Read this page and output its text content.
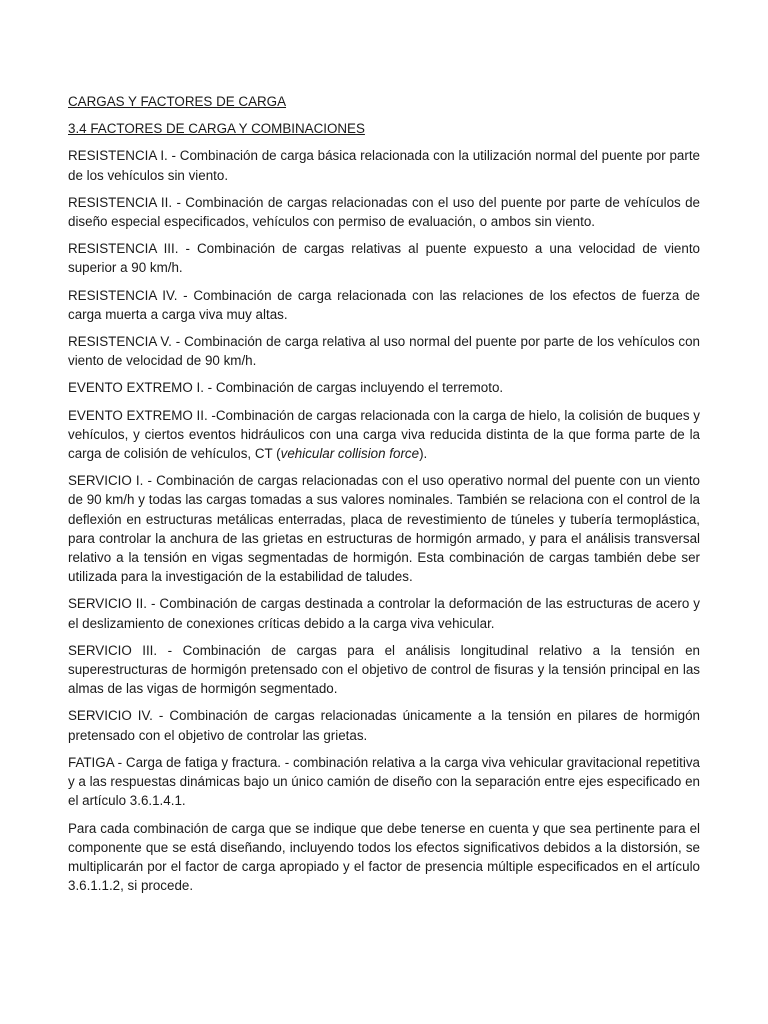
CARGAS Y FACTORES DE CARGA
3.4 FACTORES DE CARGA Y COMBINACIONES

RESISTENCIA I. - Combinación de carga básica relacionada con la utilización normal del puente por parte de los vehículos sin viento.

RESISTENCIA II. - Combinación de cargas relacionadas con el uso del puente por parte de vehículos de diseño especial especificados, vehículos con permiso de evaluación, o ambos sin viento.

RESISTENCIA III. - Combinación de cargas relativas al puente expuesto a una velocidad de viento superior a 90 km/h.

RESISTENCIA IV. - Combinación de carga relacionada con las relaciones de los efectos de fuerza de carga muerta a carga viva muy altas.

RESISTENCIA V. - Combinación de carga relativa al uso normal del puente por parte de los vehículos con viento de velocidad de 90 km/h.

EVENTO EXTREMO I. - Combinación de cargas incluyendo el terremoto.

EVENTO EXTREMO II. -Combinación de cargas relacionada con la carga de hielo, la colisión de buques y vehículos, y ciertos eventos hidráulicos con una carga viva reducida distinta de la que forma parte de la carga de colisión de vehículos, CT (vehicular collision force).

SERVICIO I. - Combinación de cargas relacionadas con el uso operativo normal del puente con un viento de 90 km/h y todas las cargas tomadas a sus valores nominales. También se relaciona con el control de la deflexión en estructuras metálicas enterradas, placa de revestimiento de túneles y tubería termoplástica, para controlar la anchura de las grietas en estructuras de hormigón armado, y para el análisis transversal relativo a la tensión en vigas segmentadas de hormigón. Esta combinación de cargas también debe ser utilizada para la investigación de la estabilidad de taludes.

SERVICIO II. - Combinación de cargas destinada a controlar la deformación de las estructuras de acero y el deslizamiento de conexiones críticas debido a la carga viva vehicular.

SERVICIO III. - Combinación de cargas para el análisis longitudinal relativo a la tensión en superestructuras de hormigón pretensado con el objetivo de control de fisuras y la tensión principal en las almas de las vigas de hormigón segmentado.

SERVICIO IV. - Combinación de cargas relacionadas únicamente a la tensión en pilares de hormigón pretensado con el objetivo de controlar las grietas.

FATIGA - Carga de fatiga y fractura. - combinación relativa a la carga viva vehicular gravitacional repetitiva y a las respuestas dinámicas bajo un único camión de diseño con la separación entre ejes especificado en el artículo 3.6.1.4.1.

Para cada combinación de carga que se indique que debe tenerse en cuenta y que sea pertinente para el componente que se está diseñando, incluyendo todos los efectos significativos debidos a la distorsión, se multiplicarán por el factor de carga apropiado y el factor de presencia múltiple especificados en el artículo 3.6.1.1.2, si procede.
